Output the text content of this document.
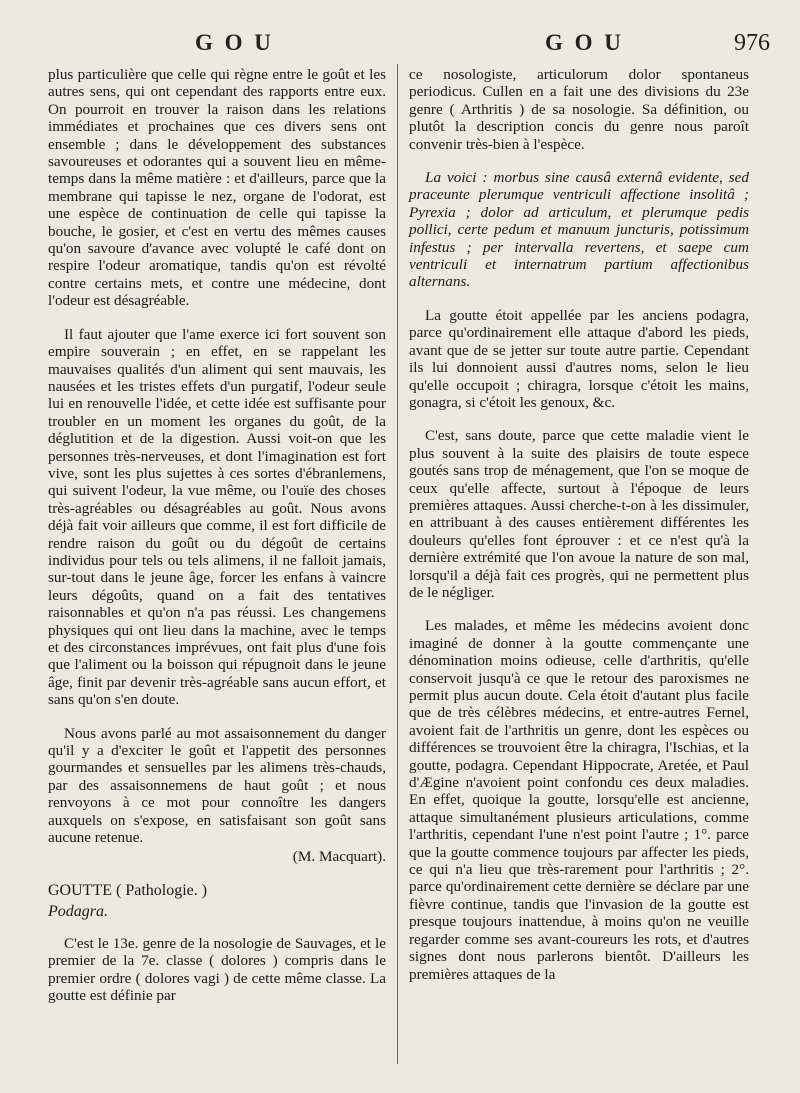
G O U	G O U	976

plus particulière que celle qui règne entre le goût et les autres sens, qui ont cependant des rapports entre eux. On pourroit en trouver la raison dans les relations immédiates et prochaines que ces divers sens ont ensemble ; dans le développement des substances savoureuses et odorantes qui a souvent lieu en même-temps dans la même matière : et d'ailleurs, parce que la membrane qui tapisse le nez, organe de l'odorat, est une espèce de continuation de celle qui tapisse la bouche, le gosier, et c'est en vertu des mêmes causes qu'on savoure d'avance avec volupté le café dont on respire l'odeur aromatique, tandis qu'on est révolté contre certains mets, et contre une médecine, dont l'odeur est désagréable.

Il faut ajouter que l'ame exerce ici fort souvent son empire souverain ; en effet, en se rappelant les mauvaises qualités d'un aliment qui sent mauvais, les nausées et les tristes effets d'un purgatif, l'odeur seule lui en renouvelle l'idée, et cette idée est suffisante pour troubler en un moment les organes du goût, de la déglutition et de la digestion. Aussi voit-on que les personnes très-nerveuses, et dont l'imagination est fort vive, sont les plus sujettes à ces sortes d'ébranlemens, qui suivent l'odeur, la vue même, ou l'ouïe des choses très-agréables ou désagréables au goût. Nous avons déjà fait voir ailleurs que comme, il est fort difficile de rendre raison du goût ou du dégoût de certains individus pour tels ou tels alimens, il ne falloit jamais, sur-tout dans le jeune âge, forcer les enfans à vaincre leurs dégoûts, quand on a fait des tentatives raisonnables et qu'on n'a pas réussi. Les changemens physiques qui ont lieu dans la machine, avec le temps et des circonstances imprévues, ont fait plus d'une fois que l'aliment ou la boisson qui répugnoit dans le jeune âge, finit par devenir très-agréable sans aucun effort, et sans qu'on s'en doute.

Nous avons parlé au mot assaisonnement du danger qu'il y a d'exciter le goût et l'appetit des personnes gourmandes et sensuelles par les alimens très-chauds, par des assaisonnemens de haut goût ; et nous renvoyons à ce mot pour connoître les dangers auxquels on s'expose, en satisfaisant son goût sans aucune retenue.

(M. Macquart).

GOUTTE ( Pathologie. )

Podagra.

C'est le 13e. genre de la nosologie de Sauvages, et le premier de la 7e. classe ( dolores ) compris dans le premier ordre ( dolores vagi ) de cette même classe. La goutte est définie par

ce nosologiste, articulorum dolor spontaneus periodicus. Cullen en a fait une des divisions du 23e genre ( Arthritis ) de sa nosologie. Sa définition, ou plutôt la description concis du genre nous paroît convenir très-bien à l'espèce.

La voici : morbus sine causâ externâ evidente, sed praceunte plerumque ventriculi affectione insolitâ ; Pyrexia ; dolor ad articulum, et plerumque pedis pollici, certe pedum et manuum juncturis, potissimum infestus ; per intervalla revertens, et saepe cum ventriculi et internatrum partium affectionibus alternans.

La goutte étoit appellée par les anciens podagra, parce qu'ordinairement elle attaque d'abord les pieds, avant que de se jetter sur toute autre partie. Cependant ils lui donnoient aussi d'autres noms, selon le lieu qu'elle occupoit ; chiragra, lorsque c'étoit les mains, gonagra, si c'étoit les genoux, &c.

C'est, sans doute, parce que cette maladie vient le plus souvent à la suite des plaisirs de toute espece goutés sans trop de ménagement, que l'on se moque de ceux qu'elle affecte, surtout à l'époque de leurs premières attaques. Aussi cherche-t-on à les dissimuler, en attribuant à des causes entièrement différentes les douleurs qu'elles font éprouver : et ce n'est qu'à la dernière extrémité que l'on avoue la nature de son mal, lorsqu'il a déjà fait ces progrès, qui ne permettent plus de le négliger.

Les malades, et même les médecins avoient donc imaginé de donner à la goutte commençante une dénomination moins odieuse, celle d'arthritis, qu'elle conservoit jusqu'à ce que le retour des paroxismes ne permit plus aucun doute. Cela étoit d'autant plus facile que de très célèbres médecins, et entre-autres Fernel, avoient fait de l'arthritis un genre, dont les espèces ou différences se trouvoient être la chiragra, l'Ischias, et la goutte, podagra. Cependant Hippocrate, Aretée, et Paul d'Ægine n'avoient point confondu ces deux maladies. En effet, quoique la goutte, lorsqu'elle est ancienne, attaque simultanément plusieurs articulations, comme l'arthritis, cependant l'une n'est point l'autre ; 1°. parce que la goutte commence toujours par affecter les pieds, ce qui n'a lieu que très-rarement pour l'arthritis ; 2°. parce qu'ordinairement cette dernière se déclare par une fièvre continue, tandis que l'invasion de la goutte est presque toujours inattendue, à moins qu'on ne veuille regarder comme ses avant-coureurs les rots, et d'autres signes dont nous parlerons bientôt. D'ailleurs les premières attaques de la
